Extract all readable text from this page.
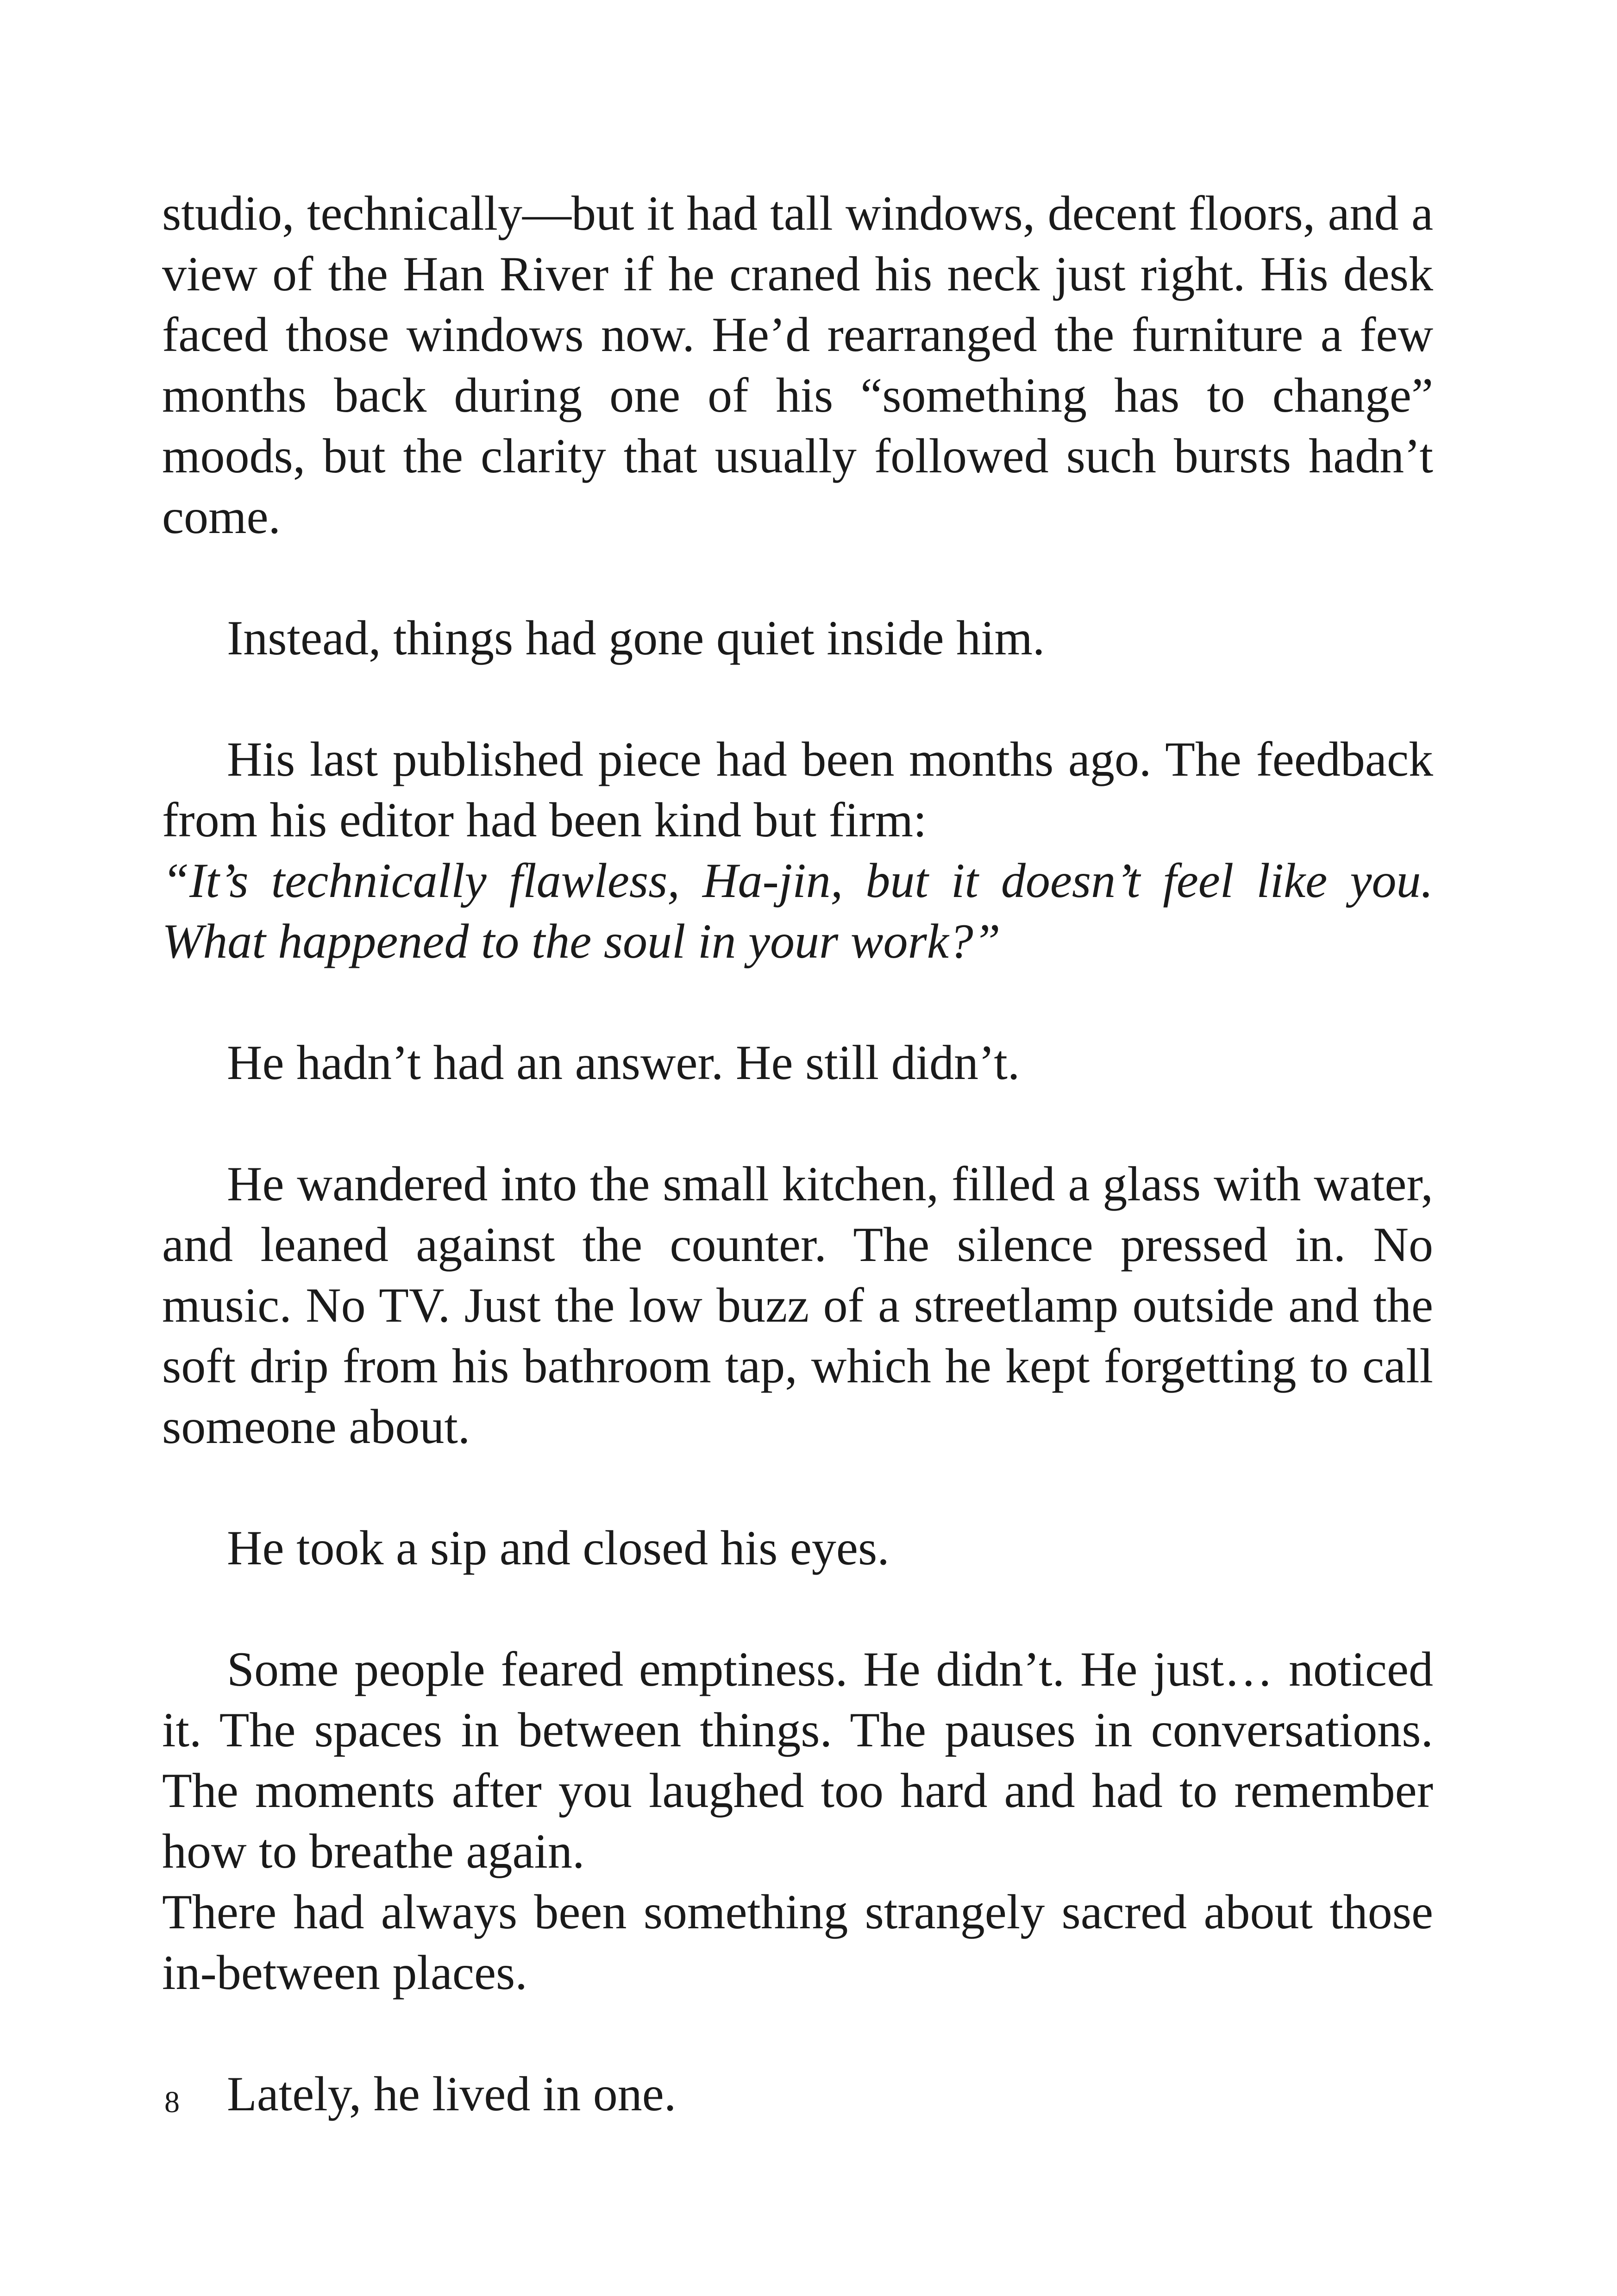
studio, technically—but it had tall windows, decent floors, and a view of the Han River if he craned his neck just right. His desk faced those windows now. He’d rearranged the furniture a few months back during one of his “something has to change” moods, but the clarity that usually followed such bursts hadn’t come.

Instead, things had gone quiet inside him.

His last published piece had been months ago. The feedback from his editor had been kind but firm:

“It’s technically flawless, Ha-jin, but it doesn’t feel like you. What happened to the soul in your work?”

He hadn’t had an answer. He still didn’t.

He wandered into the small kitchen, filled a glass with water, and leaned against the counter. The silence pressed in. No music. No TV. Just the low buzz of a streetlamp outside and the soft drip from his bathroom tap, which he kept forgetting to call someone about.

He took a sip and closed his eyes.

Some people feared emptiness. He didn’t. He just… noticed it. The spaces in between things. The pauses in conversations. The moments after you laughed too hard and had to remember how to breathe again.

There had always been something strangely sacred about those in-between places.

Lately, he lived in one.

8
